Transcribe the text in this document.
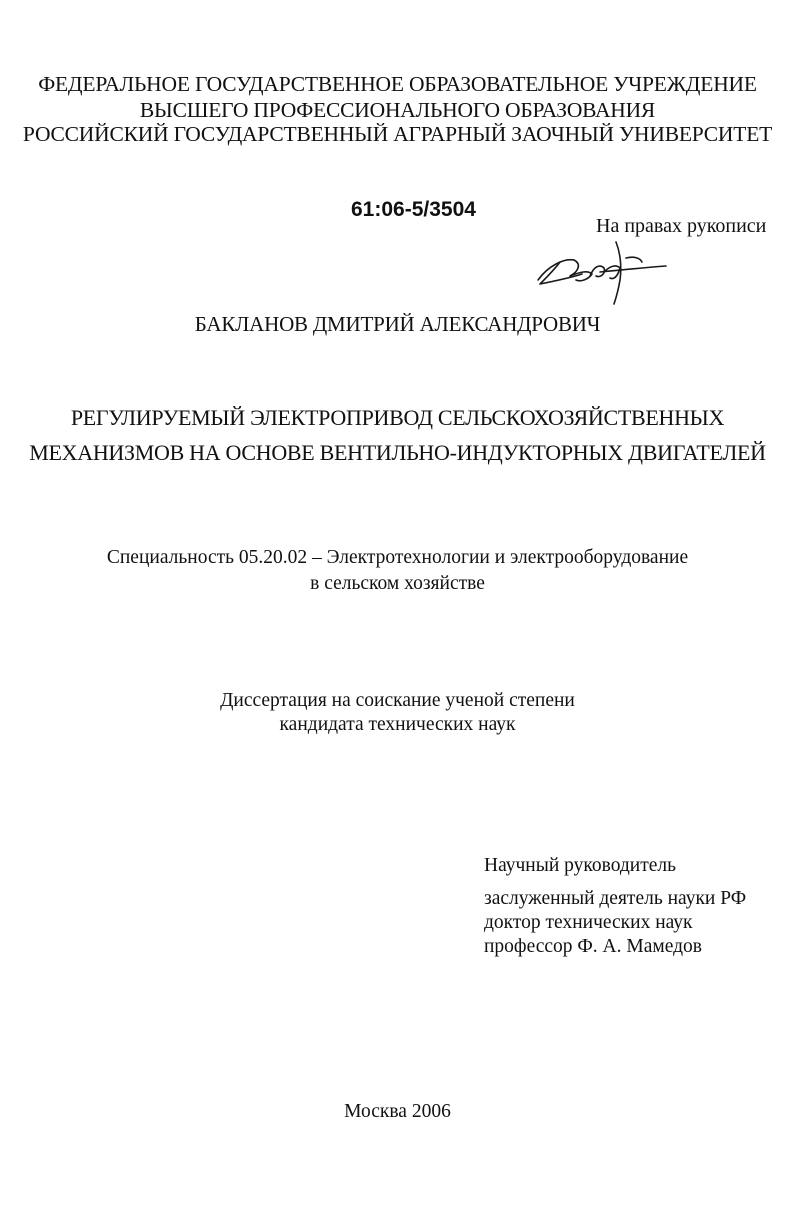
ФЕДЕРАЛЬНОЕ ГОСУДАРСТВЕННОЕ ОБРАЗОВАТЕЛЬНОЕ УЧРЕЖДЕНИЕ
ВЫСШЕГО ПРОФЕССИОНАЛЬНОГО ОБРАЗОВАНИЯ
РОССИЙСКИЙ ГОСУДАРСТВЕННЫЙ АГРАРНЫЙ ЗАОЧНЫЙ УНИВЕРСИТЕТ
61:06-5/3504
На правах рукописи
БАКЛАНОВ ДМИТРИЙ АЛЕКСАНДРОВИЧ
РЕГУЛИРУЕМЫЙ ЭЛЕКТРОПРИВОД СЕЛЬСКОХОЗЯЙСТВЕННЫХ
МЕХАНИЗМОВ НА ОСНОВЕ ВЕНТИЛЬНО-ИНДУКТОРНЫХ ДВИГАТЕЛЕЙ
Специальность 05.20.02 – Электротехнологии и электрооборудование
в сельском хозяйстве
Диссертация на соискание ученой степени
кандидата технических наук
Научный руководитель
заслуженный деятель науки РФ
доктор технических наук
профессор Ф. А. Мамедов
Москва 2006
